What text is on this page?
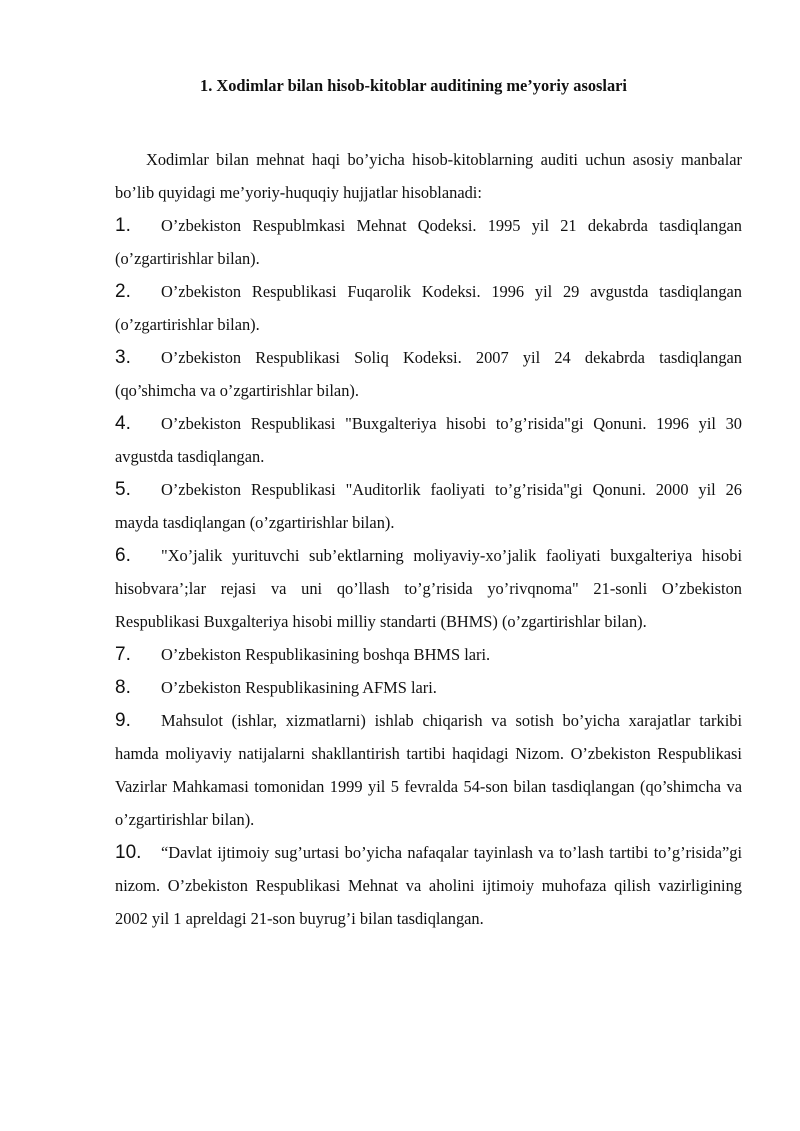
1. Xodimlar bilan hisob-kitoblar auditining me’yoriy asoslari

Xodimlar bilan mehnat haqi bo’yicha hisob-kitoblarning auditi uchun asosiy manbalar bo’lib quyidagi me’yoriy-huquqiy hujjatlar hisoblanadi:

1. O’zbekiston Respublmkasi Mehnat Qodeksi. 1995 yil 21 dekabrda tasdiqlangan (o’zgartirishlar bilan).
2. O’zbekiston Respublikasi Fuqarolik Kodeksi. 1996 yil 29 avgustda tasdiqlangan (o’zgartirishlar bilan).
3. O’zbekiston Respublikasi Soliq Kodeksi. 2007 yil 24 dekabrda tasdiqlangan (qo’shimcha va o’zgartirishlar bilan).
4. O’zbekiston Respublikasi "Buxgalteriya hisobi to’g’risida"gi Qonuni. 1996 yil 30 avgustda tasdiqlangan.
5. O’zbekiston Respublikasi "Auditorlik faoliyati to’g’risida"gi Qonuni. 2000 yil 26 mayda tasdiqlangan (o’zgartirishlar bilan).
6. "Xo’jalik yurituvchi sub’ektlarning moliyaviy-xo’jalik faoliyati buxgalteriya hisobi hisobvara’;lar rejasi va uni qo’llash to’g’risida yo’rivqnoma" 21-sonli O’zbekiston Respublikasi Buxgalteriya hisobi milliy standarti (BHMS) (o’zgartirishlar bilan).
7. O’zbekiston Respublikasining boshqa BHMS lari.
8. O’zbekiston Respublikasining AFMS lari.
9. Mahsulot (ishlar, xizmatlarni) ishlab chiqarish va sotish bo’yicha xarajatlar tarkibi hamda moliyaviy natijalarni shakllantirish tartibi haqidagi Nizom. O’zbekiston Respublikasi Vazirlar Mahkamasi tomonidan 1999 yil 5 fevralda 54-son bilan tasdiqlangan (qo’shimcha va o’zgartirishlar bilan).
10. “Davlat ijtimoiy sug’urtasi bo’yicha nafaqalar tayinlash va to’lash tartibi to’g’risida”gi nizom. O’zbekiston Respublikasi Mehnat va aholini ijtimoiy muhofaza qilish vazirligining 2002 yil 1 apreldagi 21-son buyrug’i bilan tasdiqlangan.
